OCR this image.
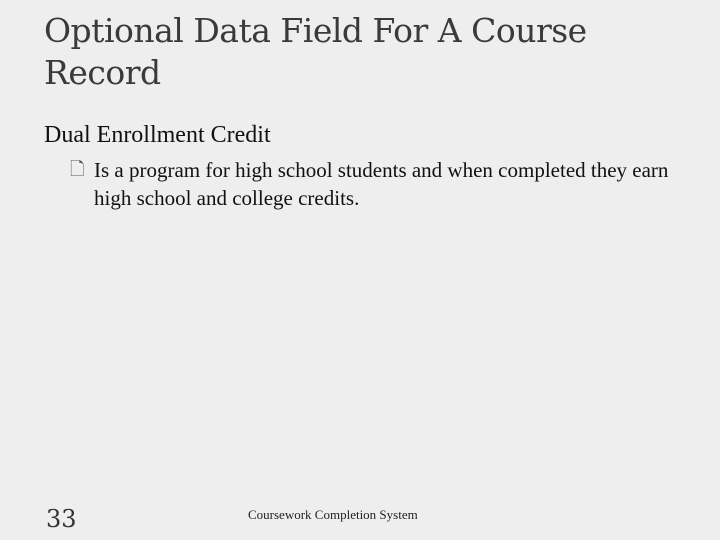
Optional Data Field For A Course Record

Dual Enrollment Credit

🗋 Is a program for high school students and when completed they earn high school and college credits.
33	Coursework Completion System
